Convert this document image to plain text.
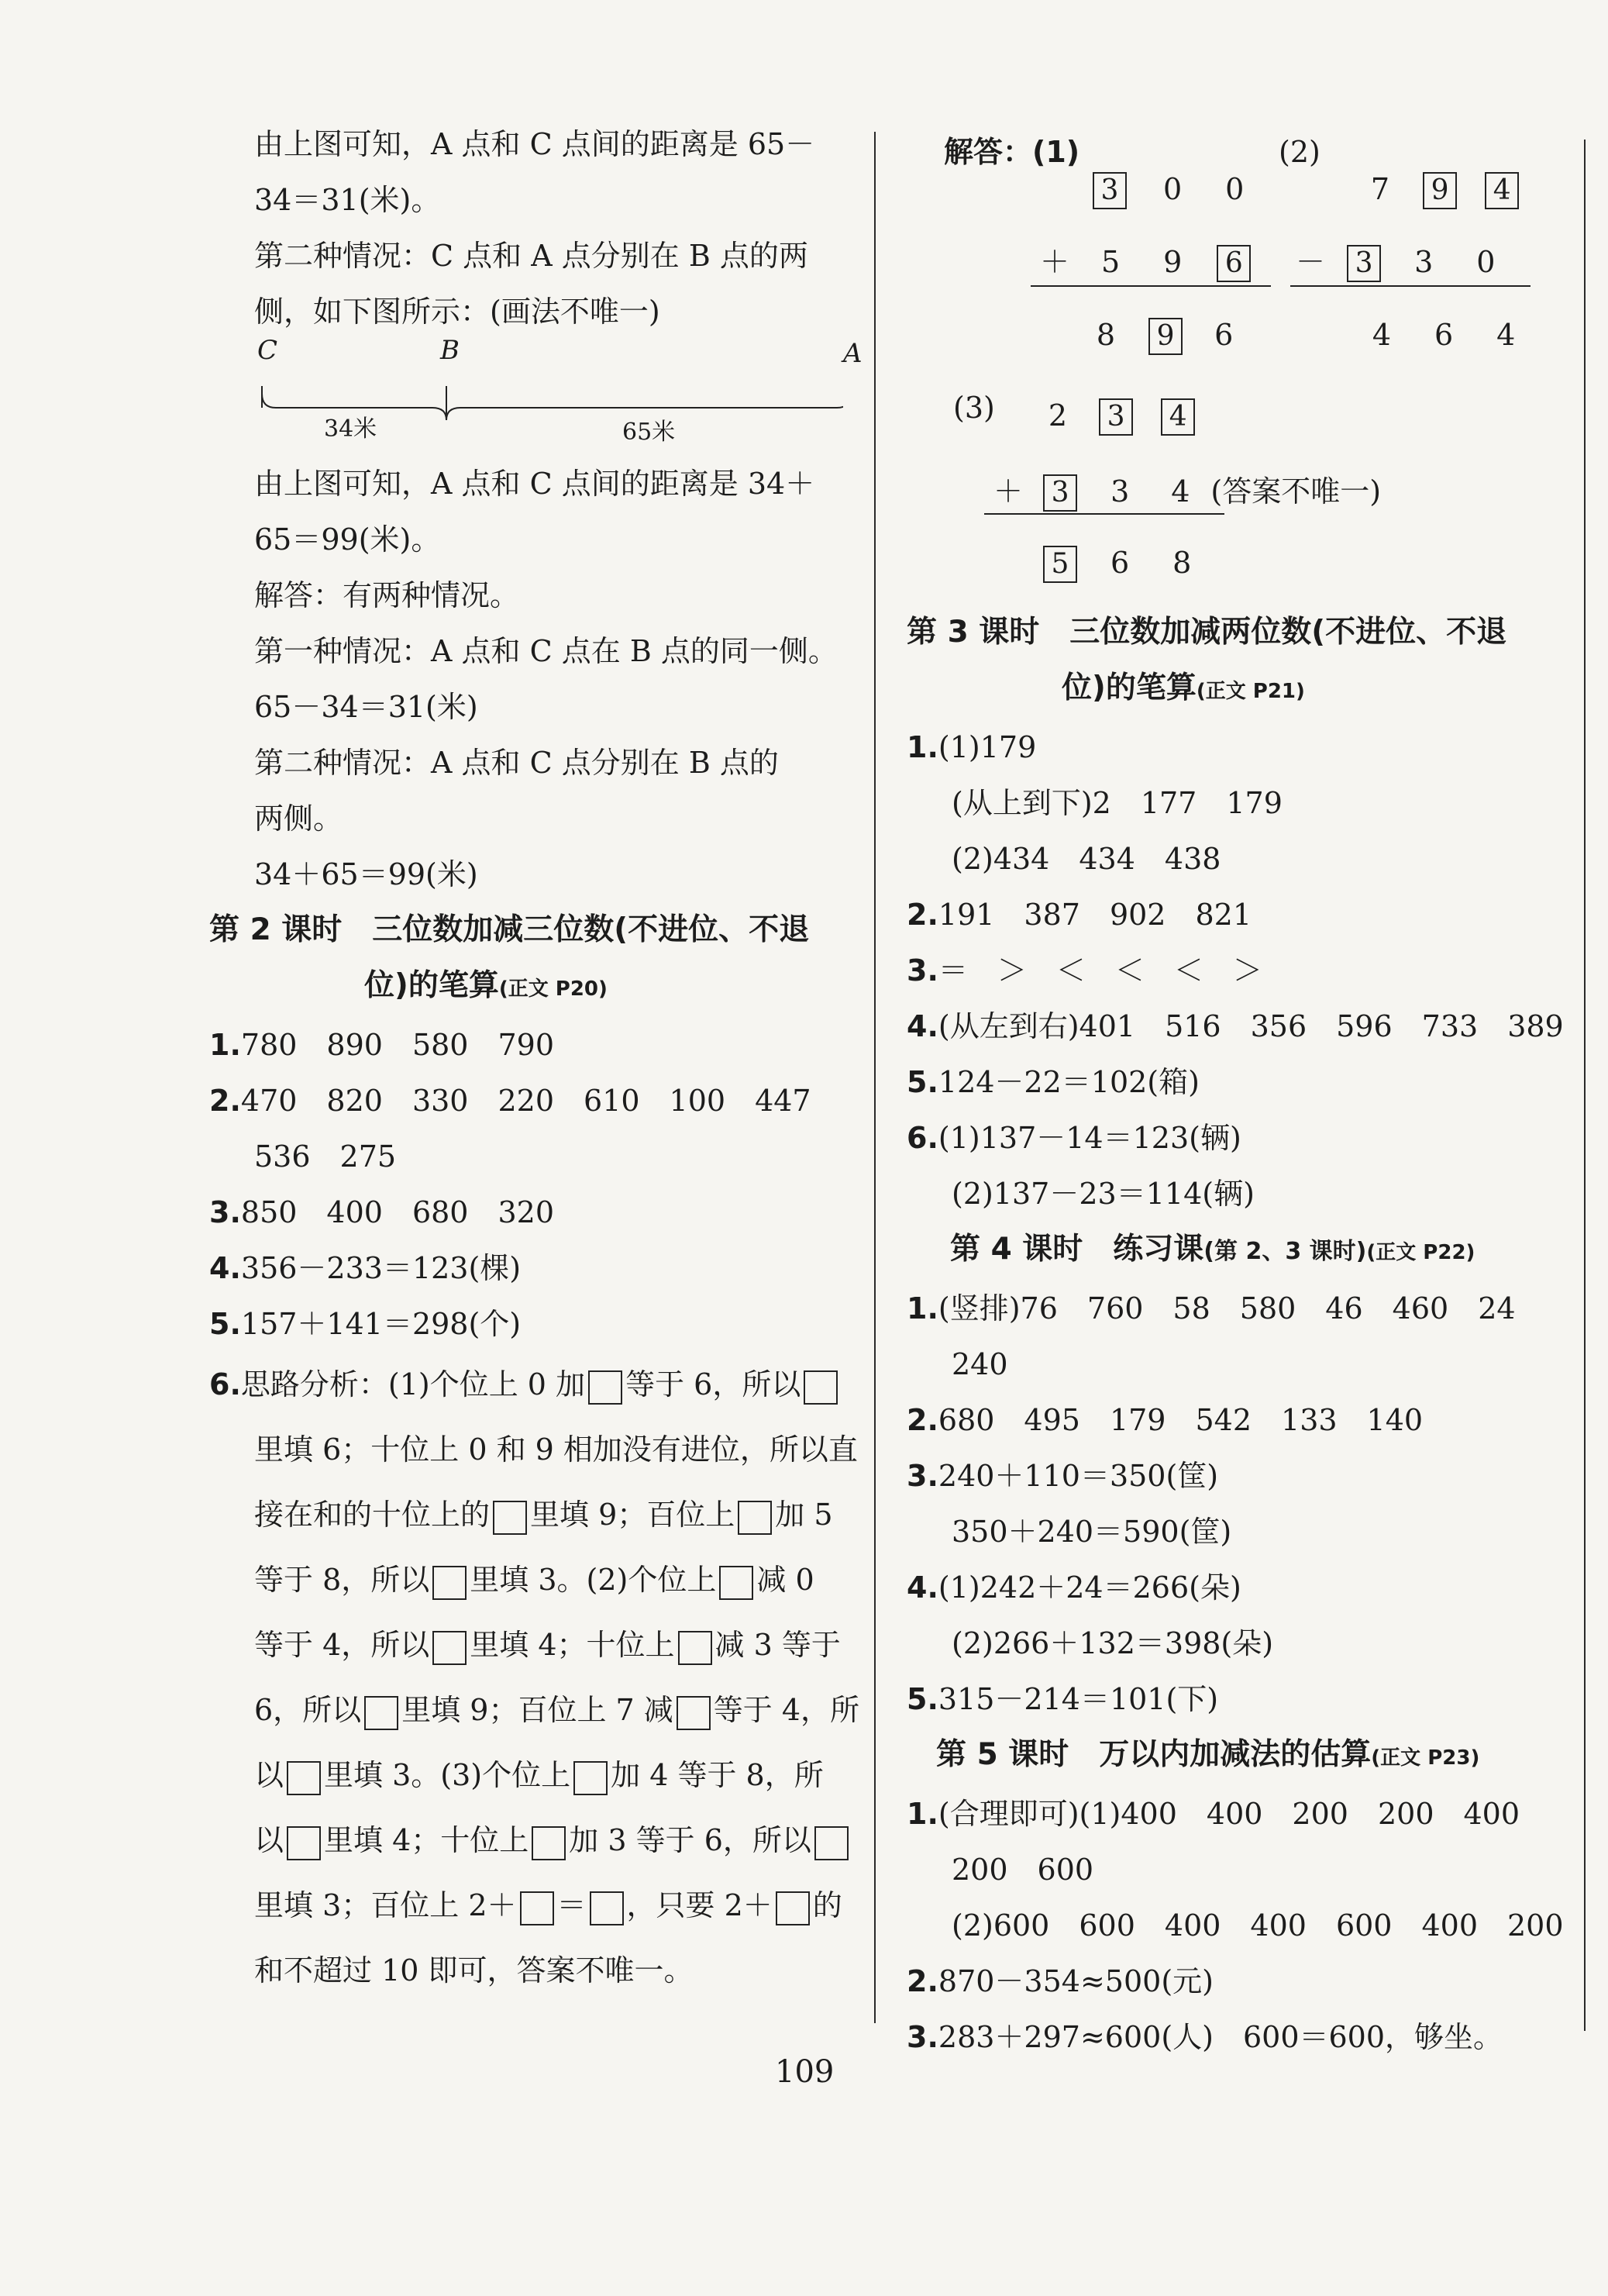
由上图可知，A 点和 C 点间的距离是 65－

34＝31(米)。

第二种情况：C 点和 A 点分别在 B 点的两

侧，如下图所示：(画法不唯一)

C	B	A
34米	65米

由上图可知，A 点和 C 点间的距离是 34＋

65＝99(米)。

解答：有两种情况。

第一种情况：A 点和 C 点在 B 点的同一侧。

65－34＝31(米)

第二种情况：A 点和 C 点分别在 B 点的

两侧。

34＋65＝99(米)

第 2 课时　三位数加减三位数(不进位、不退

位)的笔算(正文 P20)

1.780　890　580　790

2.470　820　330　220　610　100　447

536　275

3.850　400　680　320

4.356－233＝123(棵)

5.157＋141＝298(个)

6.思路分析：(1)个位上 0 加 等于 6，所以

里填 6；十位上 0 和 9 相加没有进位，所以直

接在和的十位上的 里填 9；百位上 加 5

等于 8，所以 里填 3。(2)个位上 减 0

等于 4，所以 里填 4；十位上 减 3 等于

6，所以 里填 9；百位上 7 减 等于 4，所

以 里填 3。(3)个位上 加 4 等于 8，所

以 里填 4；十位上 加 3 等于 6，所以

里填 3；百位上 2＋ ＝ ，只要 2＋ 的

和不超过 10 即可，答案不唯一。

解答：(1)	(2)
3 0 0
＋ 5 9 6
8 9 6
7 9 4
－ 3 3 0
4 6 4
(3) 2 3 4
＋ 3 3 4 (答案不唯一)
5 6 8

第 3 课时　三位数加减两位数(不进位、不退

位)的笔算(正文 P21)

1.(1)179

(从上到下)2　177　179

(2)434　434　438

2.191　387　902　821

3.＝　＞　＜　＜　＜　＞

4.(从左到右)401　516　356　596　733　389

5.124－22＝102(箱)

6.(1)137－14＝123(辆)

(2)137－23＝114(辆)

第 4 课时　练习课(第 2、3 课时)(正文 P22)

1.(竖排)76　760　58　580　46　460　24

240

2.680　495　179　542　133　140

3.240＋110＝350(筐)

350＋240＝590(筐)

4.(1)242＋24＝266(朵)

(2)266＋132＝398(朵)

5.315－214＝101(下)

第 5 课时　万以内加减法的估算(正文 P23)

1.(合理即可)(1)400　400　200　200　400

200　600

(2)600　600　400　400　600　400　200

2.870－354≈500(元)

3.283＋297≈600(人)　600＝600，够坐。

109
